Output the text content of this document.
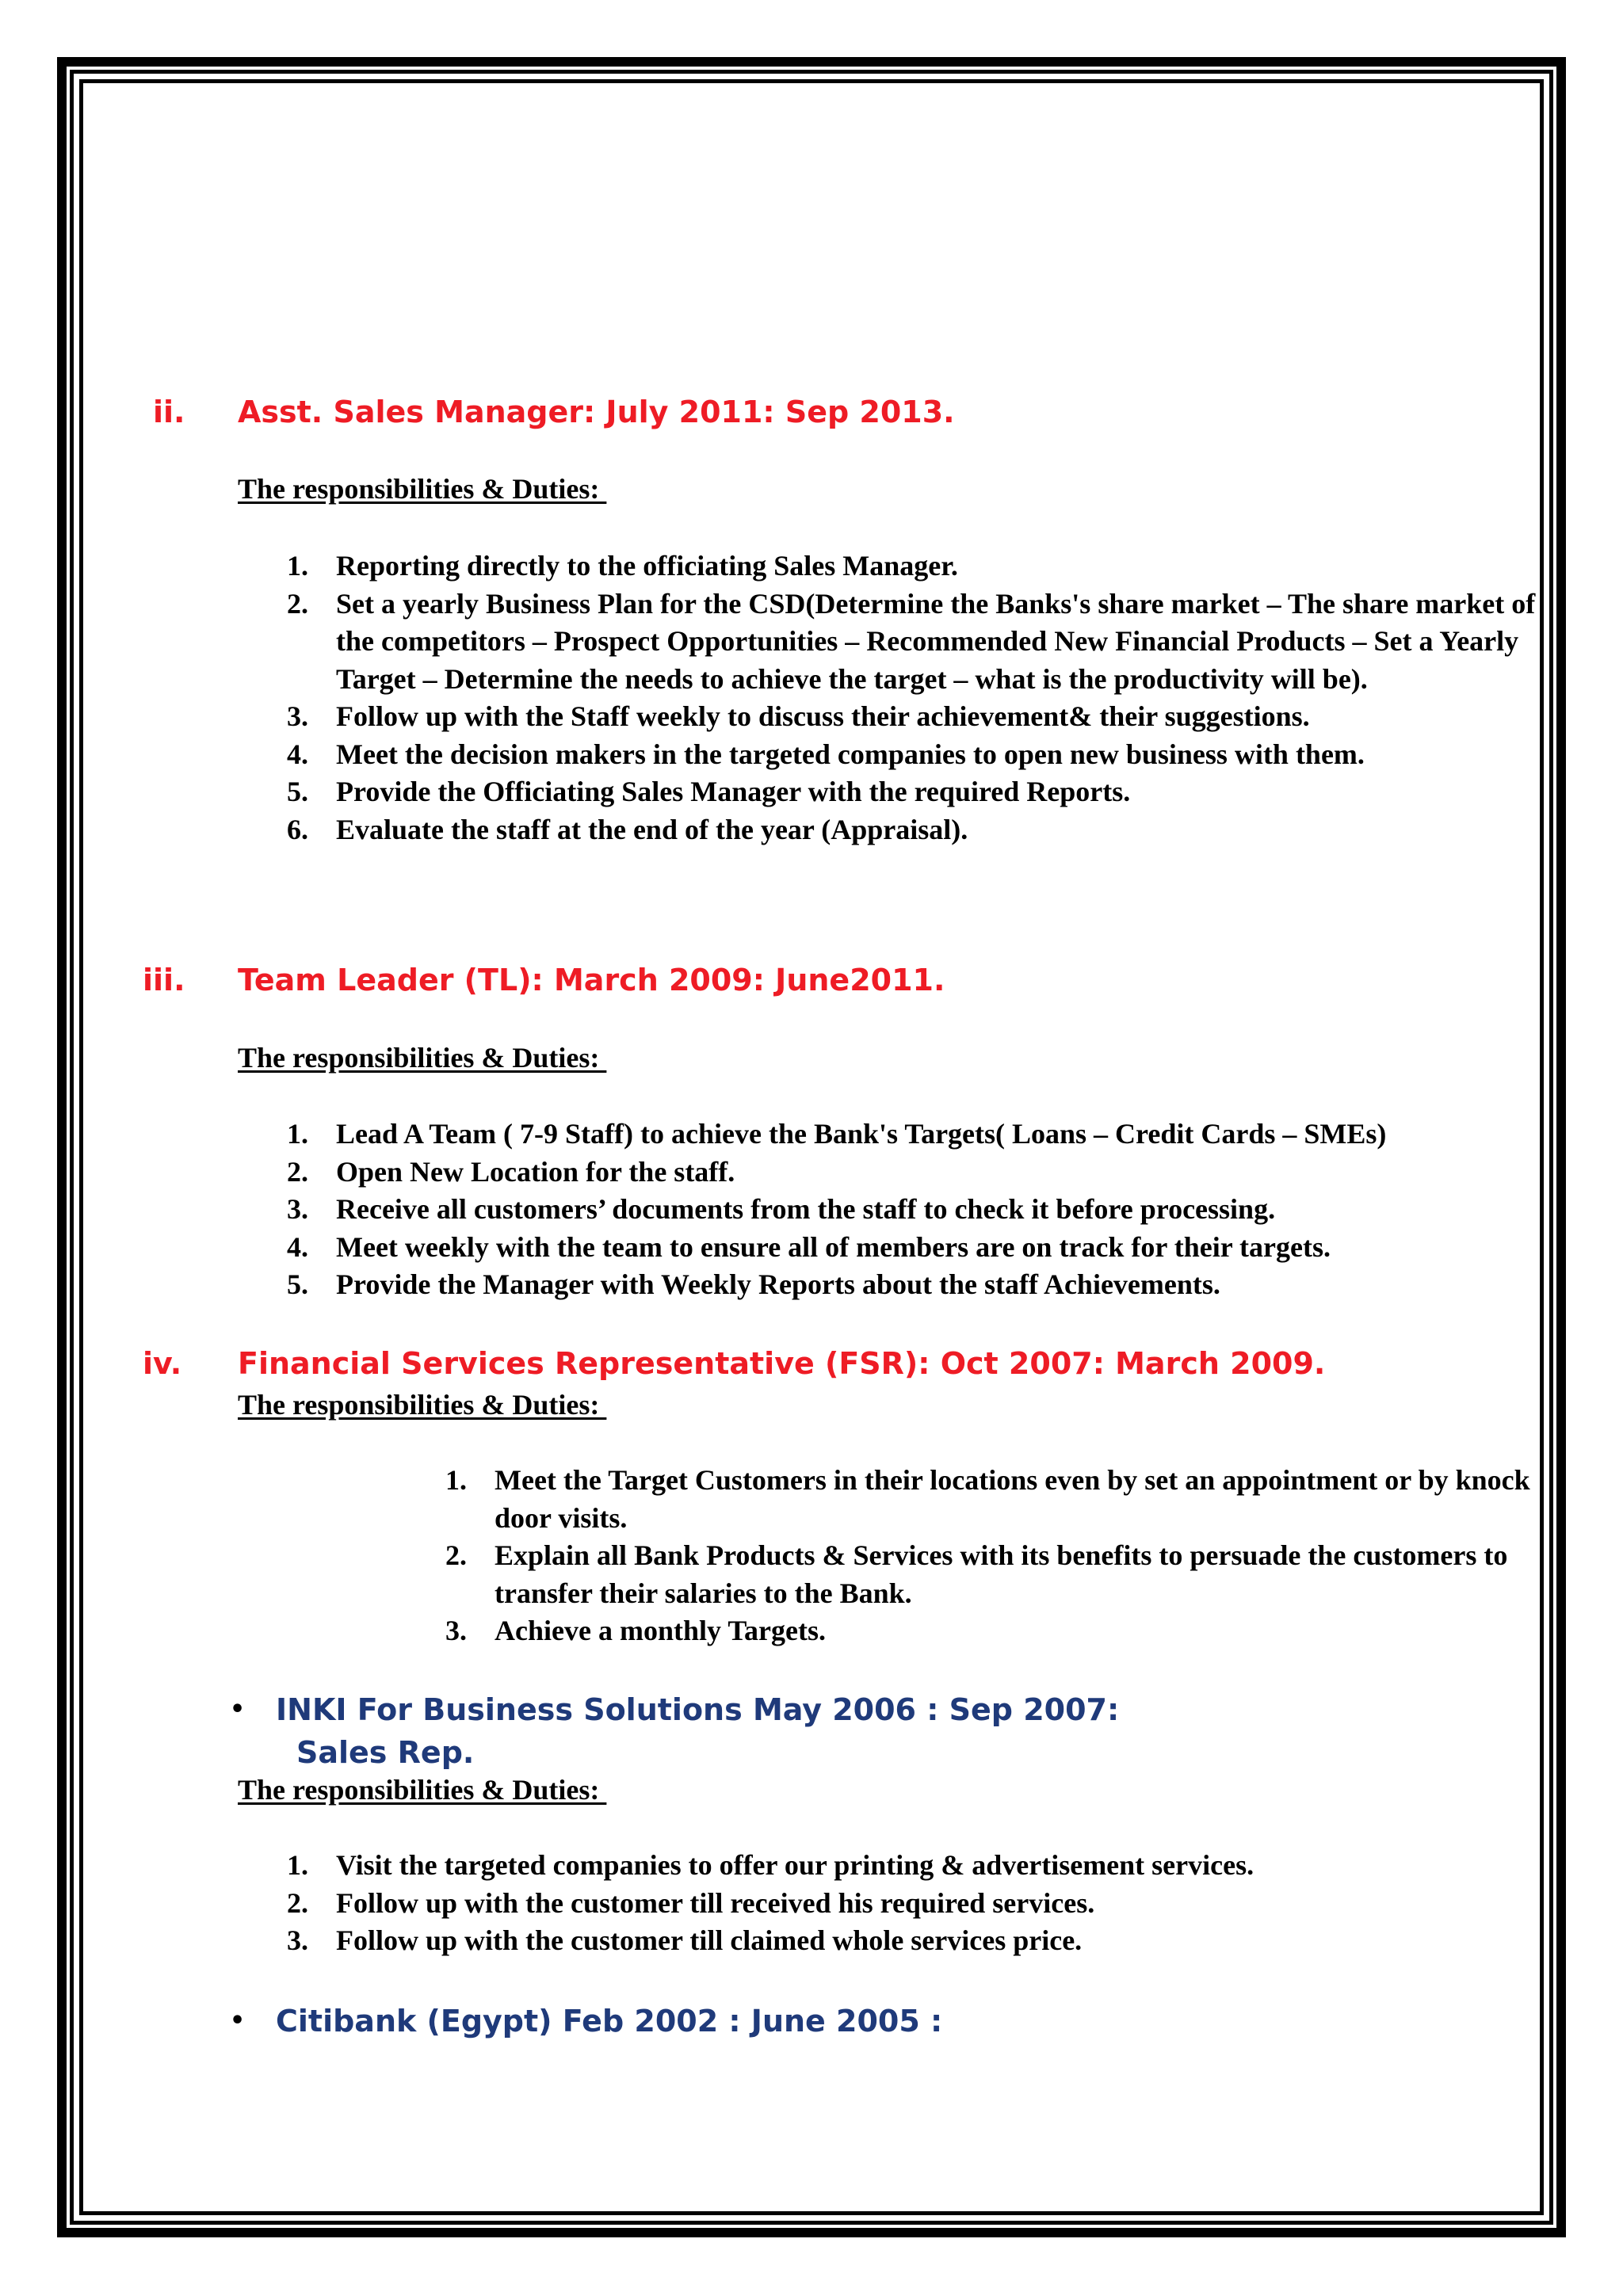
ii. Asst. Sales Manager: July 2011: Sep 2013.
The responsibilities & Duties:
1. Reporting directly to the officiating Sales Manager.
2. Set a yearly Business Plan for the CSD(Determine the Banks's share market – The share market of the competitors – Prospect Opportunities – Recommended New Financial Products – Set a Yearly Target – Determine the needs to achieve the target – what is the productivity will be).
3. Follow up with the Staff weekly to discuss their achievement& their suggestions.
4. Meet the decision makers in the targeted companies to open new business with them.
5. Provide the Officiating Sales Manager with the required Reports.
6. Evaluate the staff at the end of the year (Appraisal).
iii. Team Leader (TL): March 2009: June2011.
The responsibilities & Duties:
1. Lead A Team ( 7-9 Staff) to achieve the Bank's Targets( Loans – Credit Cards – SMEs)
2. Open New Location for the staff.
3. Receive all customers’ documents from the staff to check it before processing.
4. Meet weekly with the team to ensure all of members are on track for their targets.
5. Provide the Manager with Weekly Reports about the staff Achievements.
iv. Financial Services Representative (FSR): Oct 2007: March 2009.
The responsibilities & Duties:
1. Meet the Target Customers in their locations even by set an appointment or by knock door visits.
2. Explain all Bank Products & Services with its benefits to persuade the customers to transfer their salaries to the Bank.
3. Achieve a monthly Targets.
• INKI For Business Solutions May 2006 : Sep 2007:
Sales Rep.
The responsibilities & Duties:
1. Visit the targeted companies to offer our printing & advertisement services.
2. Follow up with the customer till received his required services.
3. Follow up with the customer till claimed whole services price.
• Citibank (Egypt) Feb 2002 : June 2005 :
